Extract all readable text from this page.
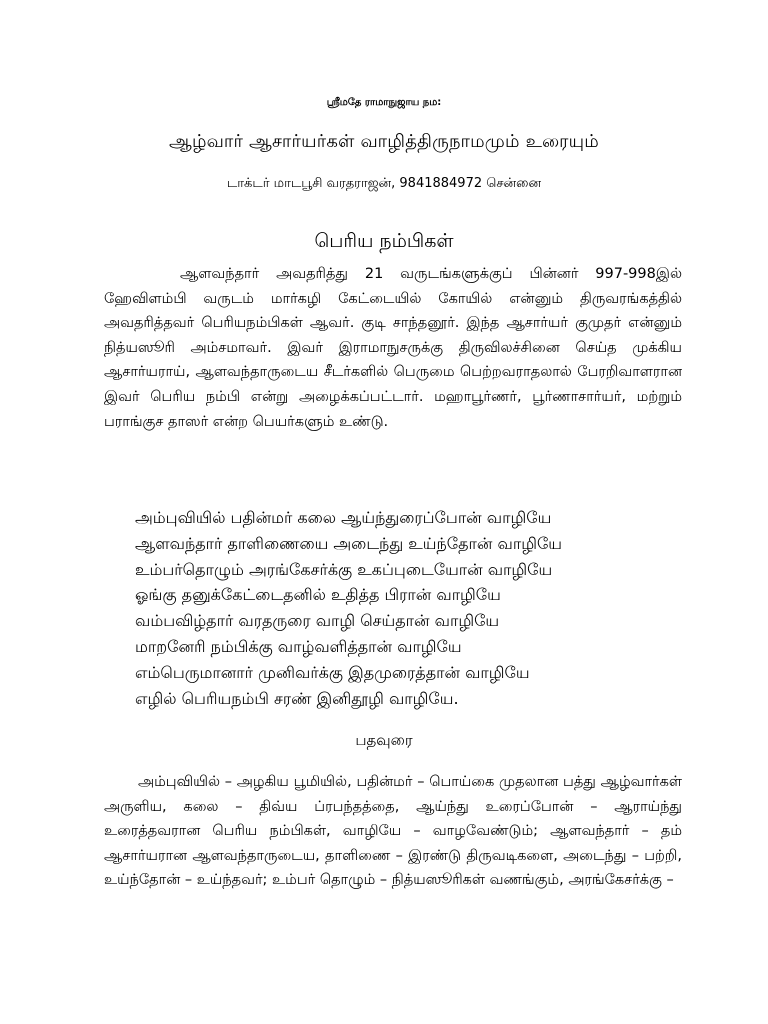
ஸ்ரீமதே ராமாநுஜாய நம:
ஆழ்வார் ஆசார்யர்கள் வாழித்திருநாமமும் உரையும்
டாக்டர் மாடபூசி வரதராஜன், 9841884972 சென்னை
பெரிய நம்பிகள்

ஆளவந்தார் அவதரித்து 21 வருடங்களுக்குப் பின்னர் 997-998இல் ஹேவிளம்பி வருடம் மார்கழி கேட்டையில் கோயில் என்னும் திருவரங்கத்தில் அவதரித்தவர் பெரியநம்பிகள் ஆவர். குடி சாந்தனூர். இந்த ஆசார்யர் குமுதர் என்னும் நித்யஸூரி அம்சமாவர். இவர் இராமாநுசருக்கு திருவிலச்சினை செய்த முக்கிய ஆசார்யராய், ஆளவந்தாருடைய சீடர்களில் பெருமை பெற்றவராதலால் பேரறிவாளரான இவர் பெரிய நம்பி என்று அழைக்கப்பட்டார். மஹாபூர்ணர், பூர்ணாசார்யர், மற்றும் பராங்குச தாஸர் என்ற பெயர்களும் உண்டு.

அம்புவியில் பதின்மர் கலை ஆய்ந்துரைப்போன் வாழியே
ஆளவந்தார் தாளிணையை அடைந்து உய்ந்தோன் வாழியே
உம்பர்தொழும் அரங்கேசர்க்கு உகப்புடையோன் வாழியே
ஓங்கு தனுக்கேட்டைதனில் உதித்த பிரான் வாழியே
வம்பவிழ்தார் வரதருரை வாழி செய்தான் வாழியே
மாறனேரி நம்பிக்கு வாழ்வளித்தான் வாழியே
எம்பெருமானார் முனிவர்க்கு இதமுரைத்தான் வாழியே
எழில் பெரியநம்பி சரண் இனிதூழி வாழியே.
பதவுரை

அம்புவியில் – அழகிய பூமியில், பதின்மர் – பொய்கை முதலான பத்து ஆழ்வார்கள் அருளிய, கலை – திவ்ய ப்ரபந்தத்தை, ஆய்ந்து உரைப்போன் – ஆராய்ந்து உரைத்தவரான பெரிய நம்பிகள், வாழியே – வாழவேண்டும்; ஆளவந்தார் – தம் ஆசார்யரான ஆளவந்தாருடைய, தாளிணை – இரண்டு திருவடிகளை, அடைந்து – பற்றி, உய்ந்தோன் – உய்ந்தவர்; உம்பர் தொழும் – நித்யஸூரிகள் வணங்கும், அரங்கேசர்க்கு –
